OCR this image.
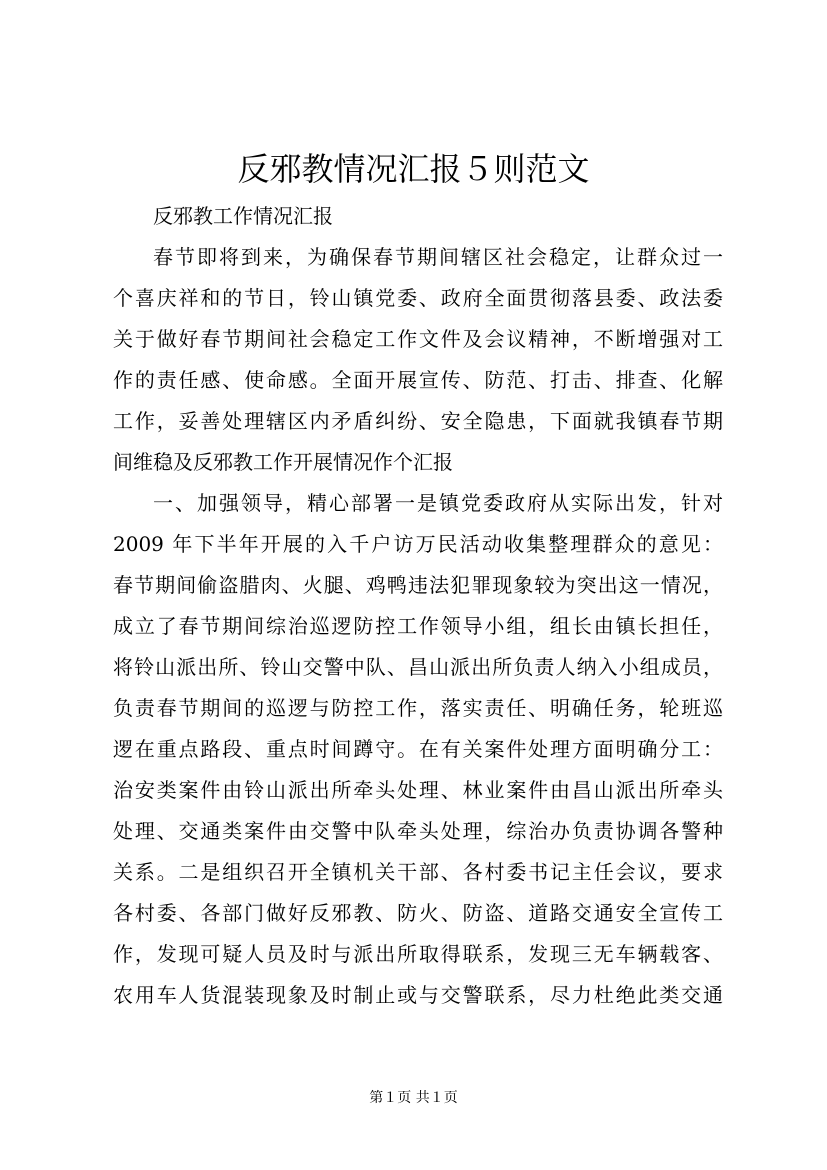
反邪教情况汇报５则范文
反邪教工作情况汇报
春节即将到来，为确保春节期间辖区社会稳定，让群众过一
个喜庆祥和的节日，铃山镇党委、政府全面贯彻落县委、政法委
关于做好春节期间社会稳定工作文件及会议精神，不断增强对工
作的责任感、使命感。全面开展宣传、防范、打击、排查、化解
工作，妥善处理辖区内矛盾纠纷、安全隐患，下面就我镇春节期
间维稳及反邪教工作开展情况作个汇报
一、加强领导，精心部署一是镇党委政府从实际出发，针对
2009 年下半年开展的入千户访万民活动收集整理群众的意见：
春节期间偷盗腊肉、火腿、鸡鸭违法犯罪现象较为突出这一情况，
成立了春节期间综治巡逻防控工作领导小组，组长由镇长担任，
将铃山派出所、铃山交警中队、昌山派出所负责人纳入小组成员，
负责春节期间的巡逻与防控工作，落实责任、明确任务，轮班巡
逻在重点路段、重点时间蹲守。在有关案件处理方面明确分工：
治安类案件由铃山派出所牵头处理、林业案件由昌山派出所牵头
处理、交通类案件由交警中队牵头处理，综治办负责协调各警种
关系。二是组织召开全镇机关干部、各村委书记主任会议，要求
各村委、各部门做好反邪教、防火、防盗、道路交通安全宣传工
作，发现可疑人员及时与派出所取得联系，发现三无车辆载客、
农用车人货混装现象及时制止或与交警联系，尽力杜绝此类交通
第１页 共１页
